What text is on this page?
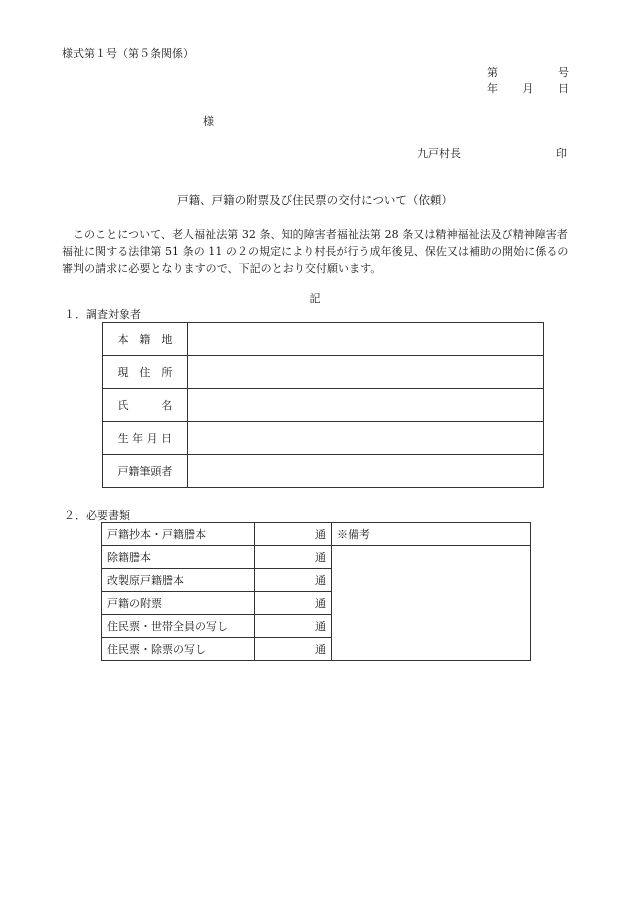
様式第１号（第５条関係）
第	号
年 月 日
様
九戸村長	印
戸籍、戸籍の附票及び住民票の交付について（依頼）
このことについて、老人福祉法第 32 条、知的障害者福祉法第 28 条又は精神福祉法及び精神障害者福祉に関する法律第 51 条の 11 の２の規定により村長が行う成年後見、保佐又は補助の開始に係るの審判の請求に必要となりますので、下記のとおり交付願います。
記
１．調査対象者
本　籍　地	
現　住　所	
氏　　　名	
生 年 月 日	
戸籍筆頭者	
２．必要書類
戸籍抄本・戸籍謄本	通	※備考
除籍謄本	通	
改製原戸籍謄本	通	
戸籍の附票	通	
住民票・世帯全員の写し	通	
住民票・除票の写し	通	
